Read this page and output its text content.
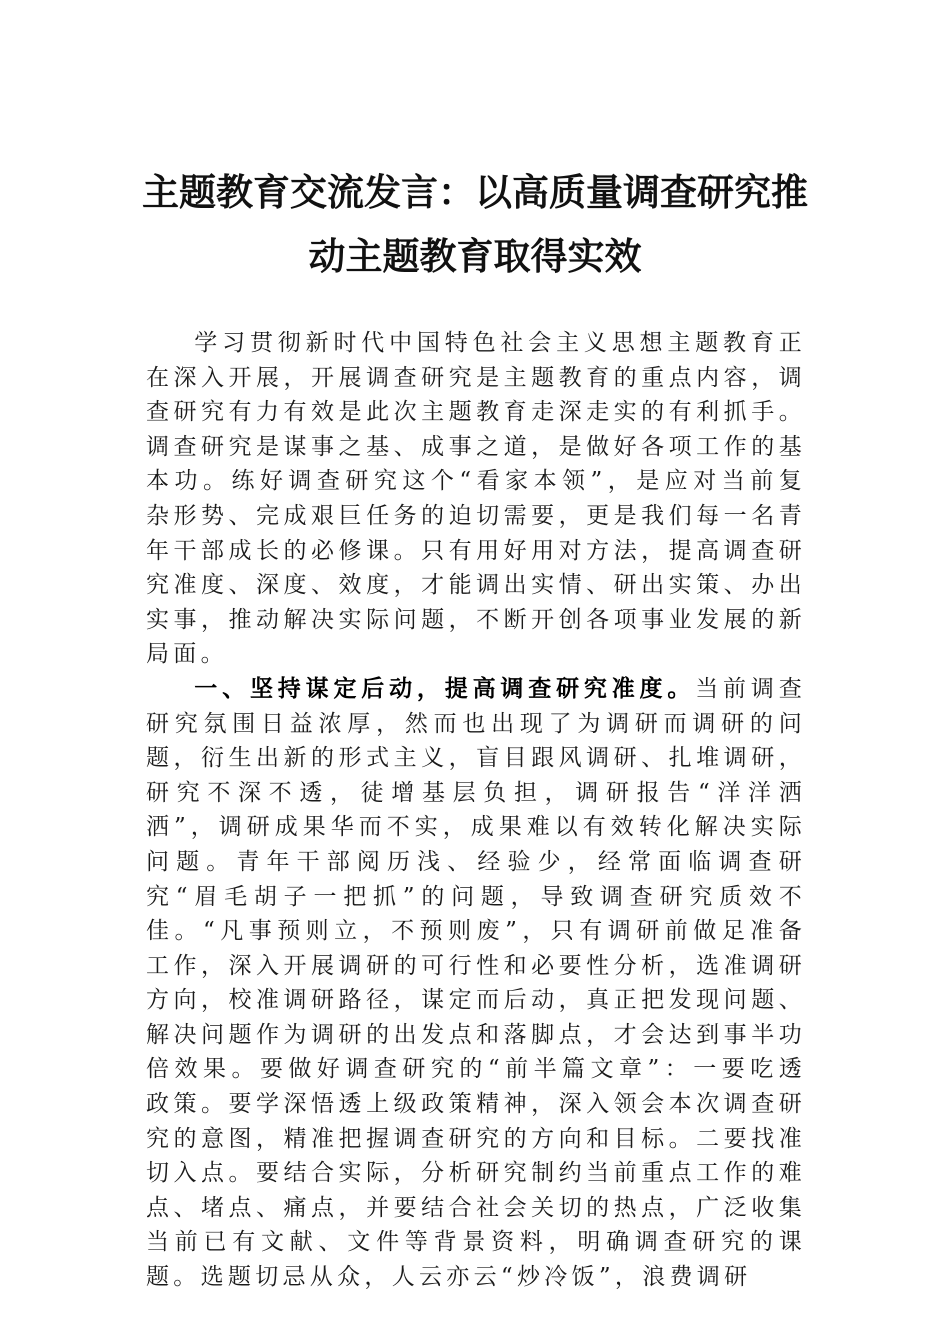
主题教育交流发言：以高质量调查研究推
动主题教育取得实效

学习贯彻新时代中国特色社会主义思想主题教育正在深入开展，开展调查研究是主题教育的重点内容，调查研究有力有效是此次主题教育走深走实的有利抓手。调查研究是谋事之基、成事之道，是做好各项工作的基本功。练好调查研究这个“看家本领”，是应对当前复杂形势、完成艰巨任务的迫切需要，更是我们每一名青年干部成长的必修课。只有用好用对方法，提高调查研究准度、深度、效度，才能调出实情、研出实策、办出实事，推动解决实际问题，不断开创各项事业发展的新局面。

一、坚持谋定后动，提高调查研究准度。当前调查研究氛围日益浓厚，然而也出现了为调研而调研的问题，衍生出新的形式主义，盲目跟风调研、扎堆调研，研究不深不透，徒增基层负担，调研报告“洋洋洒洒”，调研成果华而不实，成果难以有效转化解决实际问题。青年干部阅历浅、经验少，经常面临调查研究“眉毛胡子一把抓”的问题，导致调查研究质效不佳。“凡事预则立，不预则废”，只有调研前做足准备工作，深入开展调研的可行性和必要性分析，选准调研方向，校准调研路径，谋定而后动，真正把发现问题、解决问题作为调研的出发点和落脚点，才会达到事半功倍效果。要做好调查研究的“前半篇文章”：一要吃透政策。要学深悟透上级政策精神，深入领会本次调查研究的意图，精准把握调查研究的方向和目标。二要找准切入点。要结合实际，分析研究制约当前重点工作的难点、堵点、痛点，并要结合社会关切的热点，广泛收集当前已有文献、文件等背景资料，明确调查研究的课题。选题切忌从众，人云亦云“炒冷饭”，浪费调研
